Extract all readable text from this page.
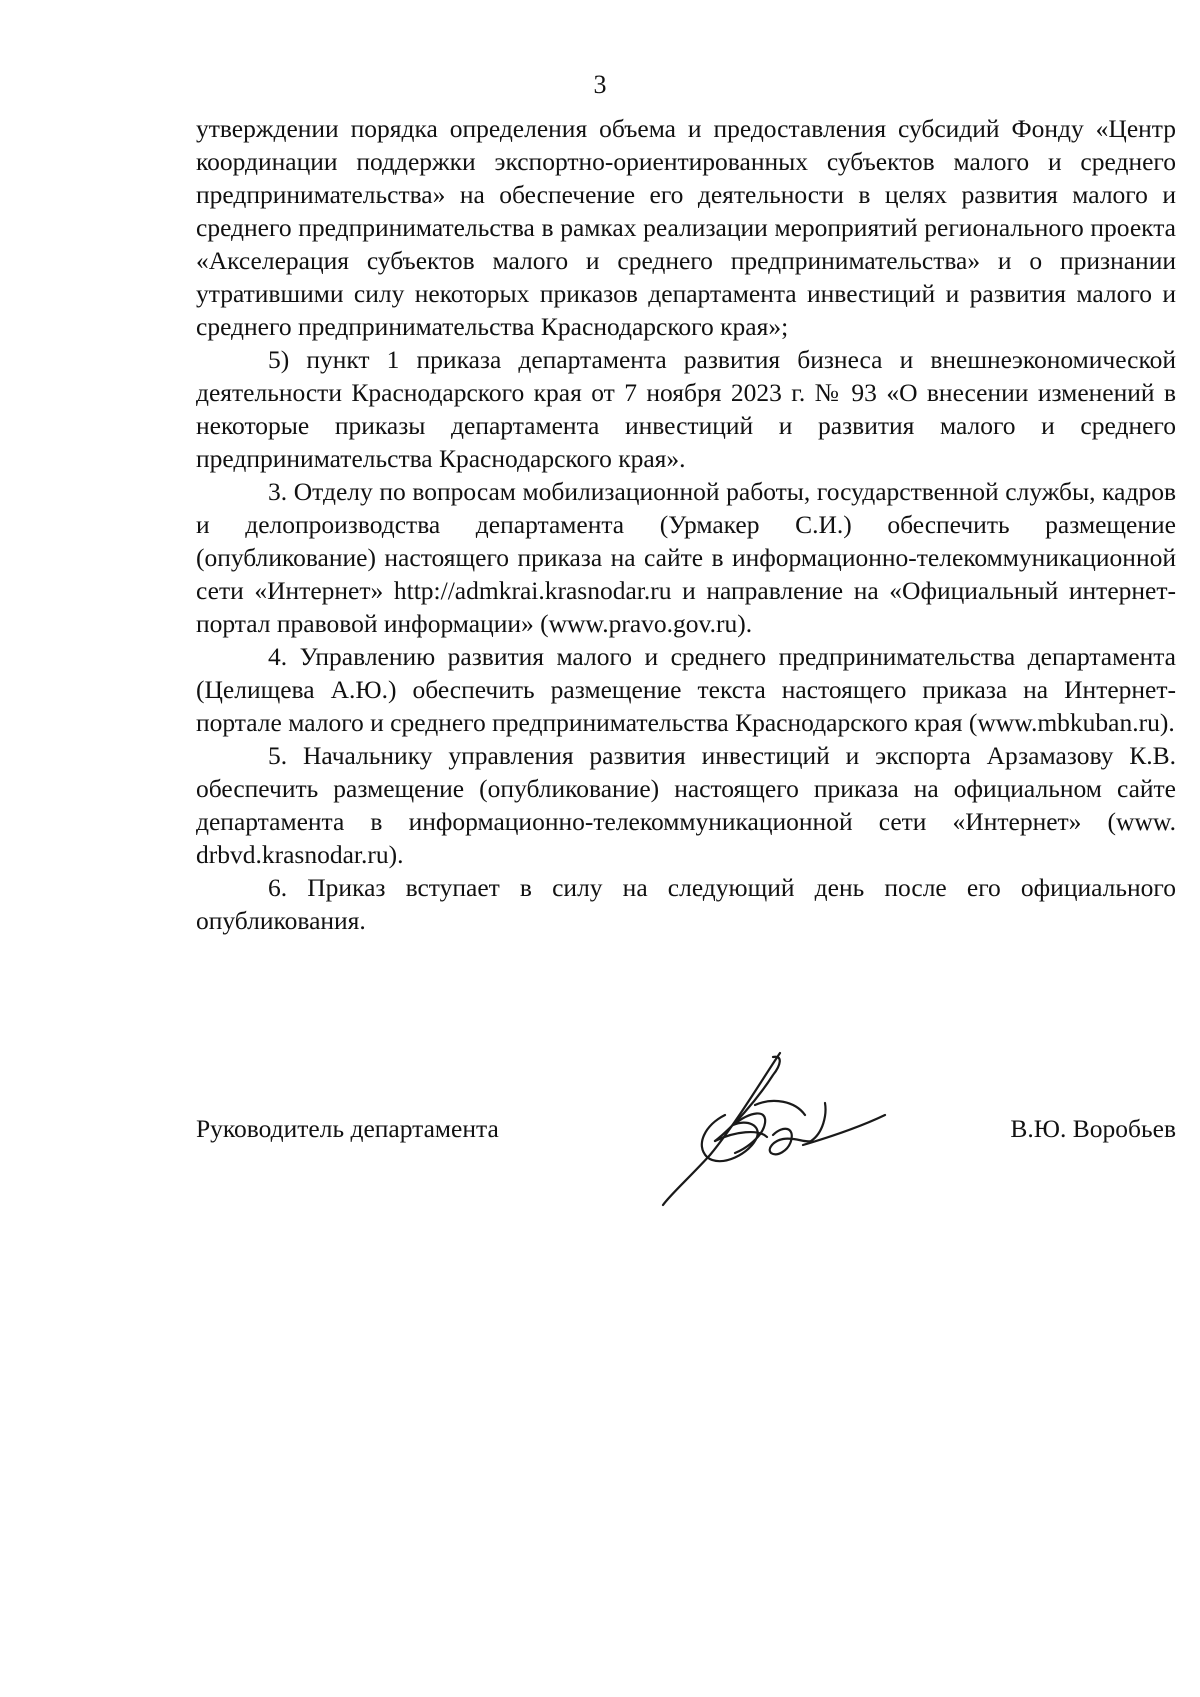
3

утверждении порядка определения объема и предоставления субсидий Фонду «Центр координации поддержки экспортно-ориентированных субъектов малого и среднего предпринимательства» на обеспечение его деятельности в целях развития малого и среднего предпринимательства в рамках реализации мероприятий регионального проекта «Акселерация субъектов малого и среднего предпринимательства» и о признании утратившими силу некоторых приказов департамента инвестиций и развития малого и среднего предпринимательства Краснодарского края»;

5) пункт 1 приказа департамента развития бизнеса и внешнеэкономической деятельности Краснодарского края от 7 ноября 2023 г. № 93 «О внесении изменений в некоторые приказы департамента инвестиций и развития малого и среднего предпринимательства Краснодарского края».

3. Отделу по вопросам мобилизационной работы, государственной службы, кадров и делопроизводства департамента (Урмакер С.И.) обеспечить размещение (опубликование) настоящего приказа на сайте в информационно-телекоммуникационной сети «Интернет» http://admkrai.krasnodar.ru и направление на «Официальный интернет-портал правовой информации» (www.pravo.gov.ru).

4. Управлению развития малого и среднего предпринимательства департамента (Целищева А.Ю.) обеспечить размещение текста настоящего приказа на Интернет-портале малого и среднего предпринимательства Краснодарского края (www.mbkuban.ru).

5. Начальнику управления развития инвестиций и экспорта Арзамазову К.В. обеспечить размещение (опубликование) настоящего приказа на официальном сайте департамента в информационно-телекоммуникационной сети «Интернет» (www. drbvd.krasnodar.ru).

6. Приказ вступает в силу на следующий день после его официального опубликования.

Руководитель департамента	В.Ю. Воробьев
